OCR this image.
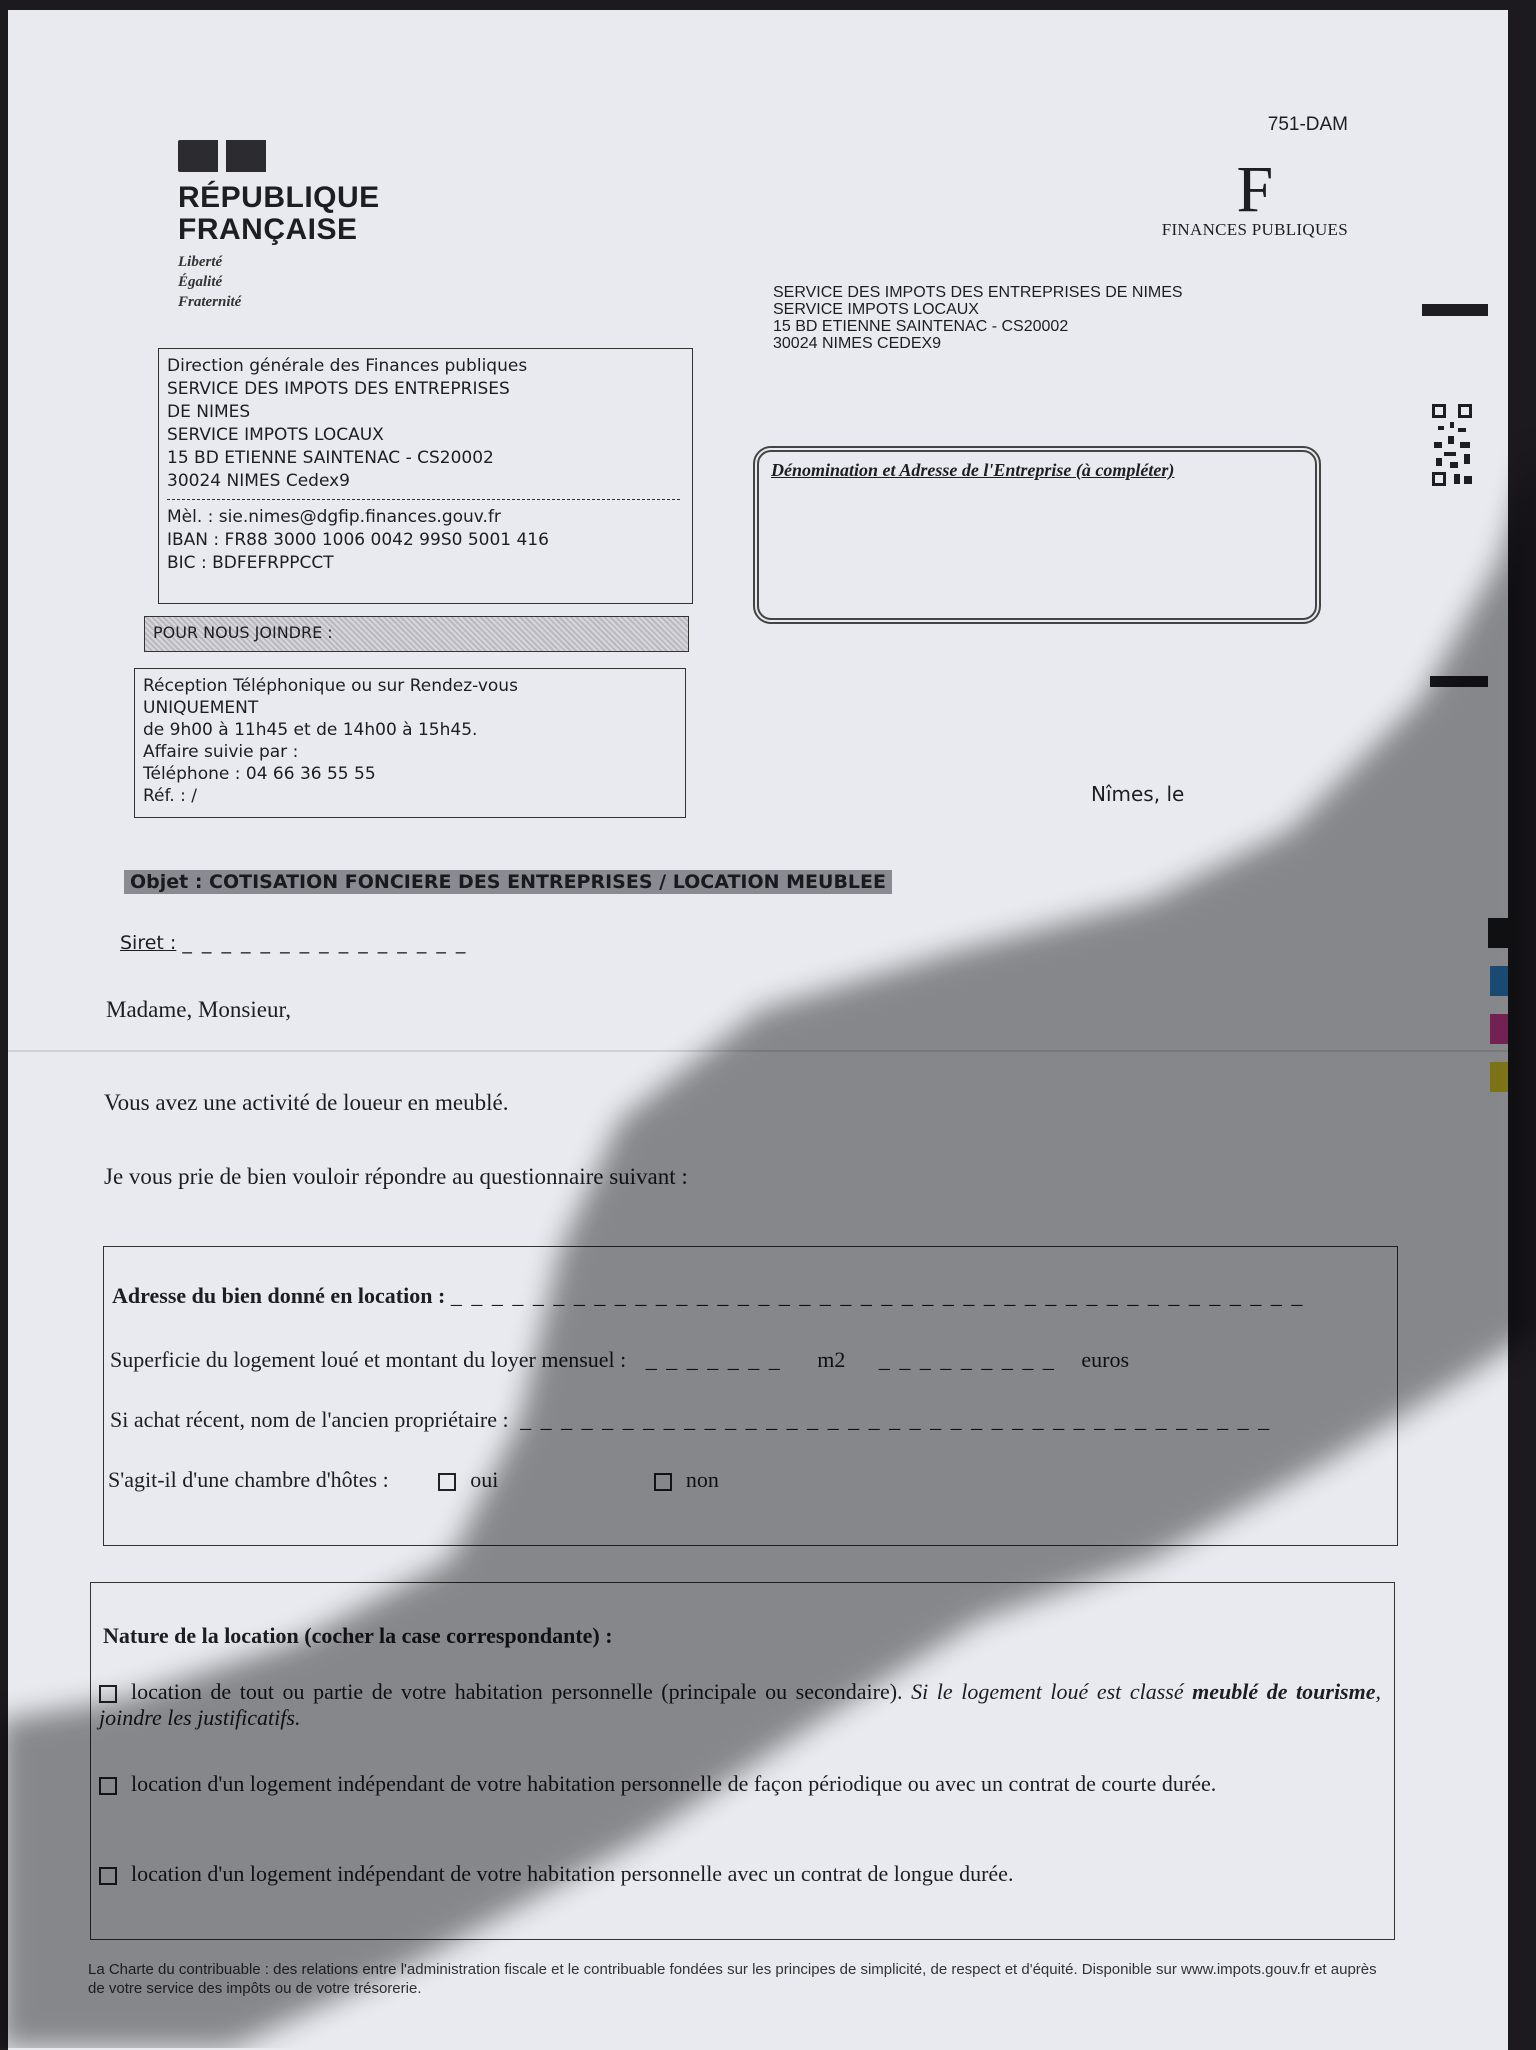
751-DAM
RÉPUBLIQUE
FRANÇAISE
Liberté
Égalité
Fraternité
F
FINANCES PUBLIQUES
SERVICE DES IMPOTS DES ENTREPRISES DE NIMES
SERVICE IMPOTS LOCAUX
15 BD ETIENNE SAINTENAC - CS20002
30024 NIMES CEDEX9
Direction générale des Finances publiques
SERVICE DES IMPOTS DES ENTREPRISES
DE NIMES
SERVICE IMPOTS LOCAUX
15 BD ETIENNE SAINTENAC - CS20002
30024 NIMES Cedex9
Mèl. : sie.nimes@dgfip.finances.gouv.fr
IBAN : FR88 3000 1006 0042 99S0 5001 416
BIC : BDFEFRPPCCT
POUR NOUS JOINDRE :
Réception Téléphonique ou sur Rendez-vous
UNIQUEMENT
de 9h00 à 11h45 et de 14h00 à 15h45.
Affaire suivie par :
Téléphone : 04 66 36 55 55
Réf. : /
Dénomination et Adresse de l'Entreprise (à compléter)
Nîmes, le
Objet : COTISATION FONCIERE DES ENTREPRISES / LOCATION MEUBLEE
Siret : _ _ _ _ _ _ _ _ _ _ _ _ _ _ _
Madame, Monsieur,
Vous avez une activité de loueur en meublé.
Je vous prie de bien vouloir répondre au questionnaire suivant :
Adresse du bien donné en location : _ _ _ _ _ _ _ _ _ _ _ _ _ _ _ _ _ _ _ _ _ _ _ _ _ _ _ _ _ _ _ _ _ _ _ _ _ _ _ _ _ _
Superficie du logement loué et montant du loyer mensuel : _ _ _ _ _ _ _ m2 _ _ _ _ _ _ _ _ _ euros
Si achat récent, nom de l'ancien propriétaire : _ _ _ _ _ _ _ _ _ _ _ _ _ _ _ _ _ _ _ _ _ _ _ _ _ _ _ _ _ _ _ _ _ _ _ _ _
S'agit-il d'une chambre d'hôtes :	oui	non
Nature de la location (cocher la case correspondante) :
location de tout ou partie de votre habitation personnelle (principale ou secondaire). Si le logement loué est classé meublé de tourisme, joindre les justificatifs.
location d'un logement indépendant de votre habitation personnelle de façon périodique ou avec un contrat de courte durée.
location d'un logement indépendant de votre habitation personnelle avec un contrat de longue durée.
La Charte du contribuable : des relations entre l'administration fiscale et le contribuable fondées sur les principes de simplicité, de respect et d'équité. Disponible sur www.impots.gouv.fr et auprès de votre service des impôts ou de votre trésorerie.
